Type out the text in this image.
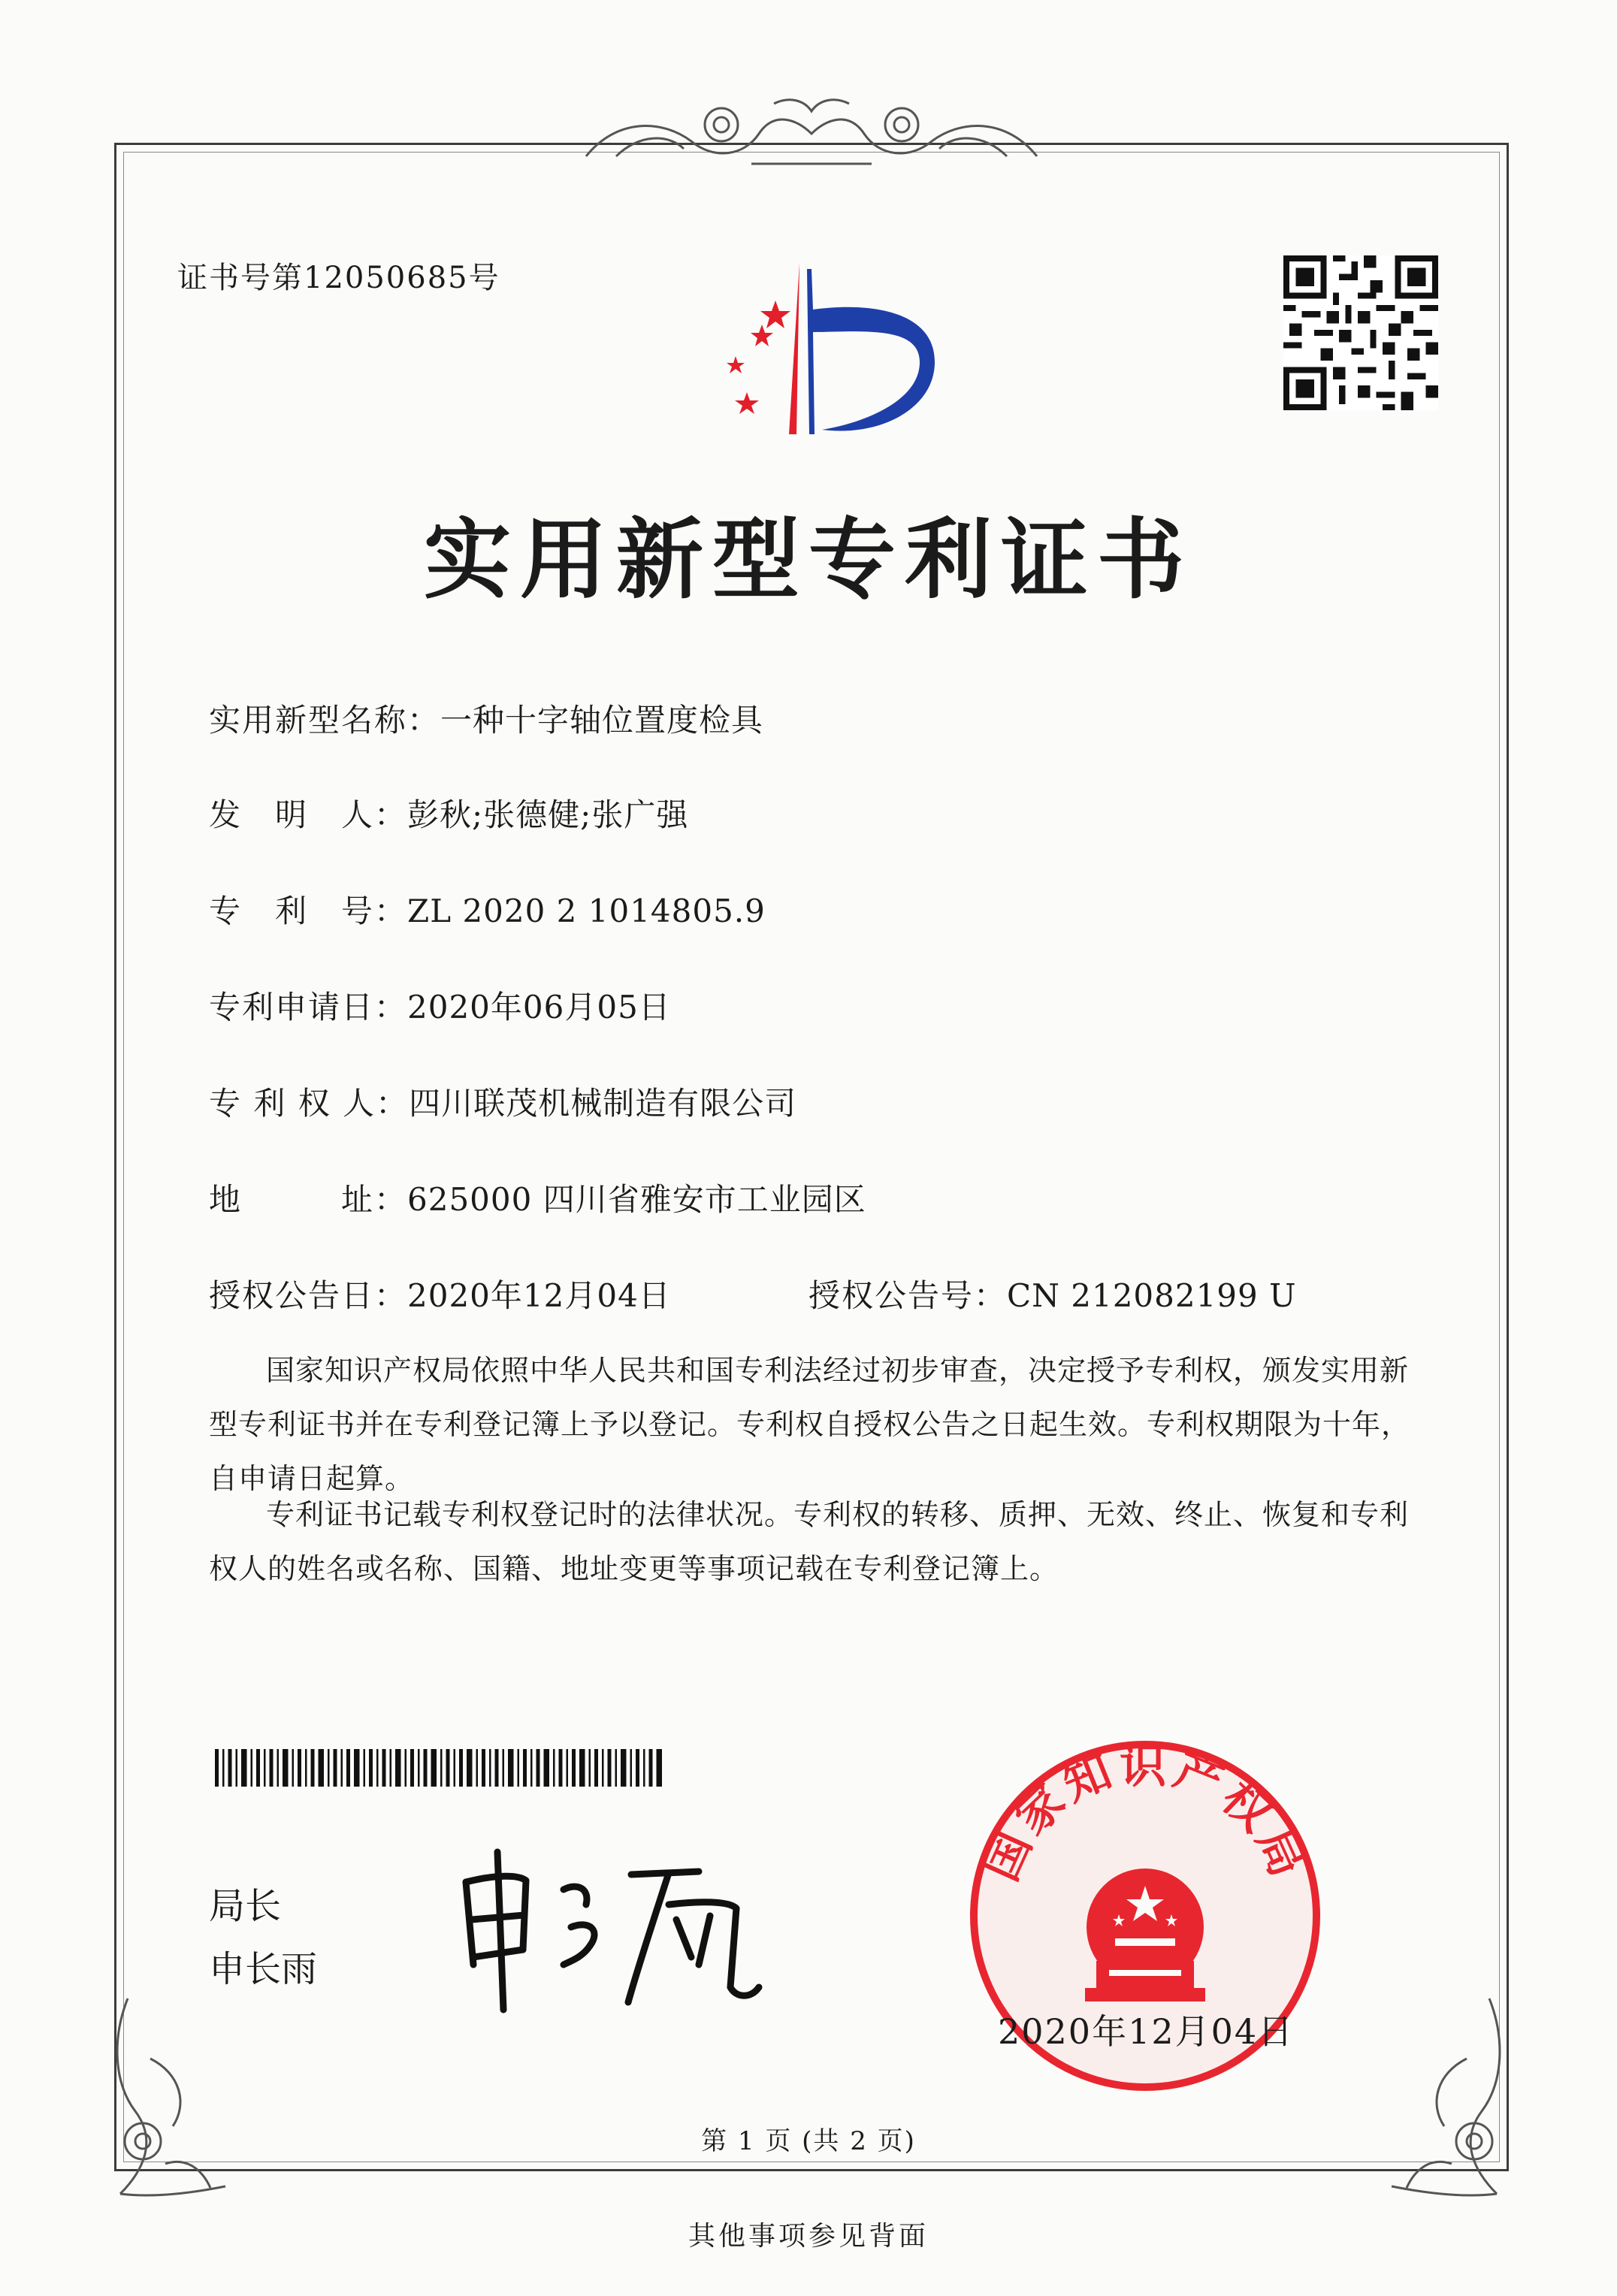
证书号第12050685号
实用新型专利证书
实用新型名称：一种十字轴位置度检具
发　明　人：彭秋;张德健;张广强
专　利　号：ZL 2020 2 1014805.9
专利申请日：2020年06月05日
专 利 权 人：四川联茂机械制造有限公司
地　　　址：625000 四川省雅安市工业园区
授权公告日：2020年12月04日	授权公告号：CN 212082199 U
国家知识产权局依照中华人民共和国专利法经过初步审查，决定授予专利权，颁发实用新型专利证书并在专利登记簿上予以登记。专利权自授权公告之日起生效。专利权期限为十年，自申请日起算。
专利证书记载专利权登记时的法律状况。专利权的转移、质押、无效、终止、恢复和专利权人的姓名或名称、国籍、地址变更等事项记载在专利登记簿上。
局长
申长雨
国家知识产权局
2020年12月04日
第 1 页 (共 2 页)
其他事项参见背面
